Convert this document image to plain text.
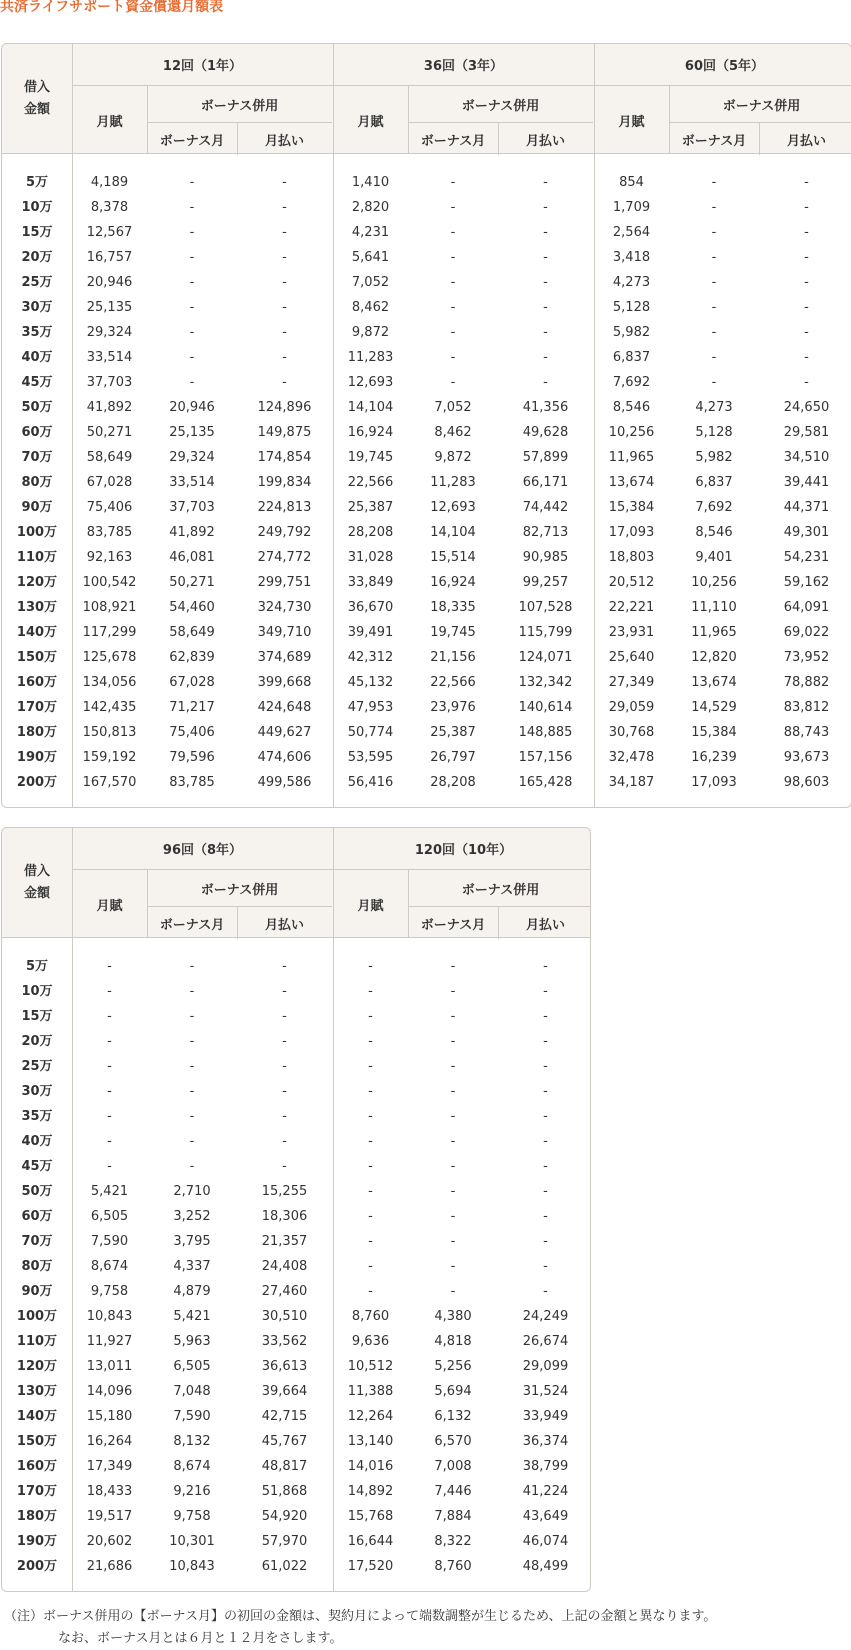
共済ライフサポート資金償還月額表
借入
金額
12回（1年）
月賦
ボーナス併用
ボーナス月	月払い
36回（3年）
月賦
ボーナス併用
ボーナス月	月払い
60回（5年）
月賦
ボーナス併用
ボーナス月	月払い
5万	4,189	-	-	1,410	-	-	854	-	-
10万	8,378	-	-	2,820	-	-	1,709	-	-
15万	12,567	-	-	4,231	-	-	2,564	-	-
20万	16,757	-	-	5,641	-	-	3,418	-	-
25万	20,946	-	-	7,052	-	-	4,273	-	-
30万	25,135	-	-	8,462	-	-	5,128	-	-
35万	29,324	-	-	9,872	-	-	5,982	-	-
40万	33,514	-	-	11,283	-	-	6,837	-	-
45万	37,703	-	-	12,693	-	-	7,692	-	-
50万	41,892	20,946	124,896	14,104	7,052	41,356	8,546	4,273	24,650
60万	50,271	25,135	149,875	16,924	8,462	49,628	10,256	5,128	29,581
70万	58,649	29,324	174,854	19,745	9,872	57,899	11,965	5,982	34,510
80万	67,028	33,514	199,834	22,566	11,283	66,171	13,674	6,837	39,441
90万	75,406	37,703	224,813	25,387	12,693	74,442	15,384	7,692	44,371
100万	83,785	41,892	249,792	28,208	14,104	82,713	17,093	8,546	49,301
110万	92,163	46,081	274,772	31,028	15,514	90,985	18,803	9,401	54,231
120万	100,542	50,271	299,751	33,849	16,924	99,257	20,512	10,256	59,162
130万	108,921	54,460	324,730	36,670	18,335	107,528	22,221	11,110	64,091
140万	117,299	58,649	349,710	39,491	19,745	115,799	23,931	11,965	69,022
150万	125,678	62,839	374,689	42,312	21,156	124,071	25,640	12,820	73,952
160万	134,056	67,028	399,668	45,132	22,566	132,342	27,349	13,674	78,882
170万	142,435	71,217	424,648	47,953	23,976	140,614	29,059	14,529	83,812
180万	150,813	75,406	449,627	50,774	25,387	148,885	30,768	15,384	88,743
190万	159,192	79,596	474,606	53,595	26,797	157,156	32,478	16,239	93,673
200万	167,570	83,785	499,586	56,416	28,208	165,428	34,187	17,093	98,603
借入
金額
96回（8年）
月賦
ボーナス併用
ボーナス月	月払い
120回（10年）
月賦
ボーナス併用
ボーナス月	月払い
5万	-	-	-	-	-	-
10万	-	-	-	-	-	-
15万	-	-	-	-	-	-
20万	-	-	-	-	-	-
25万	-	-	-	-	-	-
30万	-	-	-	-	-	-
35万	-	-	-	-	-	-
40万	-	-	-	-	-	-
45万	-	-	-	-	-	-
50万	5,421	2,710	15,255	-	-	-
60万	6,505	3,252	18,306	-	-	-
70万	7,590	3,795	21,357	-	-	-
80万	8,674	4,337	24,408	-	-	-
90万	9,758	4,879	27,460	-	-	-
100万	10,843	5,421	30,510	8,760	4,380	24,249
110万	11,927	5,963	33,562	9,636	4,818	26,674
120万	13,011	6,505	36,613	10,512	5,256	29,099
130万	14,096	7,048	39,664	11,388	5,694	31,524
140万	15,180	7,590	42,715	12,264	6,132	33,949
150万	16,264	8,132	45,767	13,140	6,570	36,374
160万	17,349	8,674	48,817	14,016	7,008	38,799
170万	18,433	9,216	51,868	14,892	7,446	41,224
180万	19,517	9,758	54,920	15,768	7,884	43,649
190万	20,602	10,301	57,970	16,644	8,322	46,074
200万	21,686	10,843	61,022	17,520	8,760	48,499
（注）ボーナス併用の【ボーナス月】の初回の金額は、契約月によって端数調整が生じるため、上記の金額と異なります。
なお、ボーナス月とは６月と１２月をさします。
